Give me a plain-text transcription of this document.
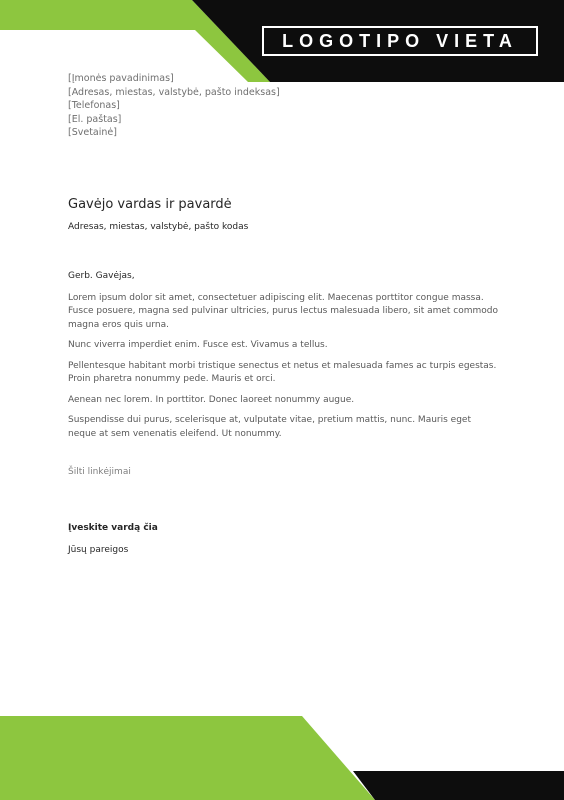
LOGOTIPO VIETA
[Įmonės pavadinimas]
[Adresas, miestas, valstybė, pašto indeksas]
[Telefonas]
[El. paštas]
[Svetainė]
Gavėjo vardas ir pavardė
Adresas, miestas, valstybė, pašto kodas
Gerb. Gavėjas,

Lorem ipsum dolor sit amet, consectetuer adipiscing elit. Maecenas porttitor congue massa. Fusce posuere, magna sed pulvinar ultricies, purus lectus malesuada libero, sit amet commodo magna eros quis urna.

Nunc viverra imperdiet enim. Fusce est. Vivamus a tellus.

Pellentesque habitant morbi tristique senectus et netus et malesuada fames ac turpis egestas. Proin pharetra nonummy pede. Mauris et orci.

Aenean nec lorem. In porttitor. Donec laoreet nonummy augue.

Suspendisse dui purus, scelerisque at, vulputate vitae, pretium mattis, nunc. Mauris eget neque at sem venenatis eleifend. Ut nonummy.

Šilti linkėjimai
Įveskite vardą čia
Jūsų pareigos
